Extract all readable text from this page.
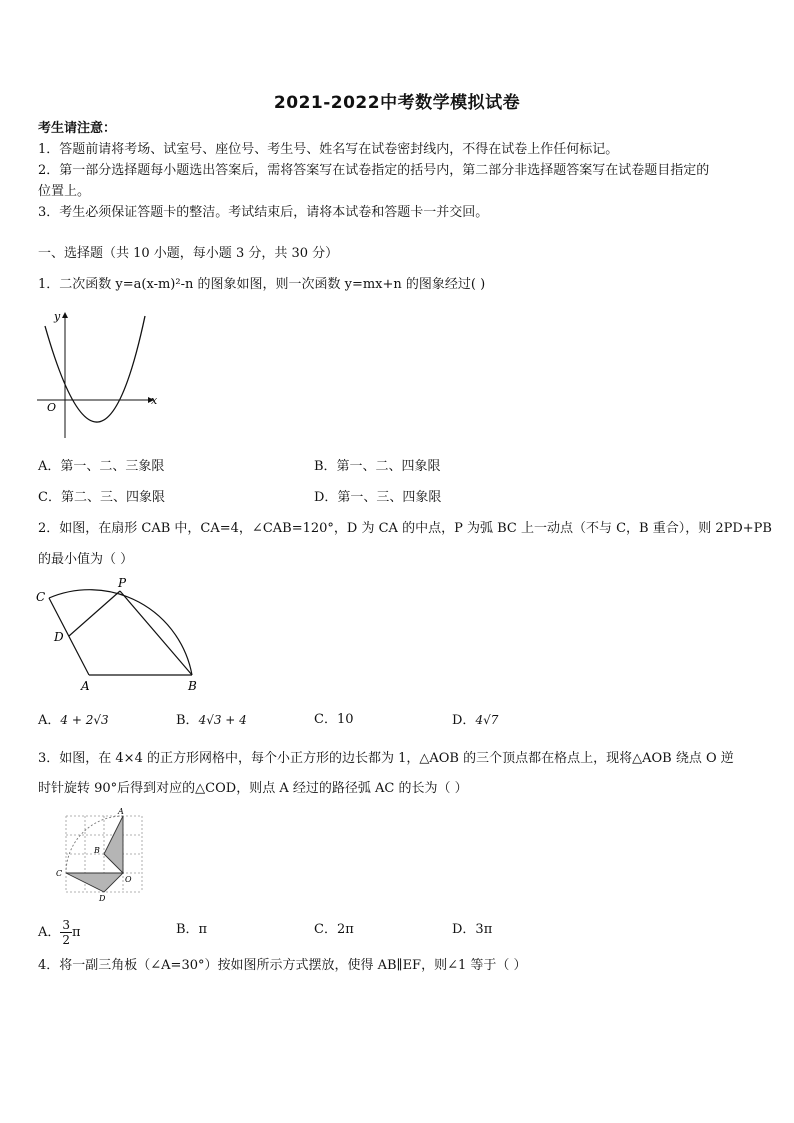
2021-2022中考数学模拟试卷
考生请注意：
1．答题前请将考场、试室号、座位号、考生号、姓名写在试卷密封线内，不得在试卷上作任何标记。
2．第一部分选择题每小题选出答案后，需将答案写在试卷指定的括号内，第二部分非选择题答案写在试卷题目指定的
位置上。
3．考生必须保证答题卡的整洁。考试结束后，请将本试卷和答题卡一并交回。
一、选择题（共 10 小题，每小题 3 分，共 30 分）
1．二次函数 y=a(x-m)²-n 的图象如图，则一次函数 y=mx+n 的图象经过( )
y
x
O
A．第一、二、三象限	B．第一、二、四象限
C．第二、三、四象限	D．第一、三、四象限
2．如图，在扇形 CAB 中，CA=4，∠CAB=120°，D 为 CA 的中点，P 为弧 BC 上一动点（不与 C，B 重合），则 2PD+PB
的最小值为（ ）
C
P
D
A	B
A．4 + 2√3	B．4√3 + 4	C．10	D．4√7
3．如图，在 4×4 的正方形网格中，每个小正方形的边长都为 1，△AOB 的三个顶点都在格点上，现将△AOB 绕点 O 逆
时针旋转 90°后得到对应的△COD，则点 A 经过的路径弧 AC 的长为（ ）
A
B
C
D
O
A． $\frac{3}{2}$ π	B．π	C．2π	D．3π
4．将一副三角板（∠A=30°）按如图所示方式摆放，使得 AB∥EF，则∠1 等于（ ）
